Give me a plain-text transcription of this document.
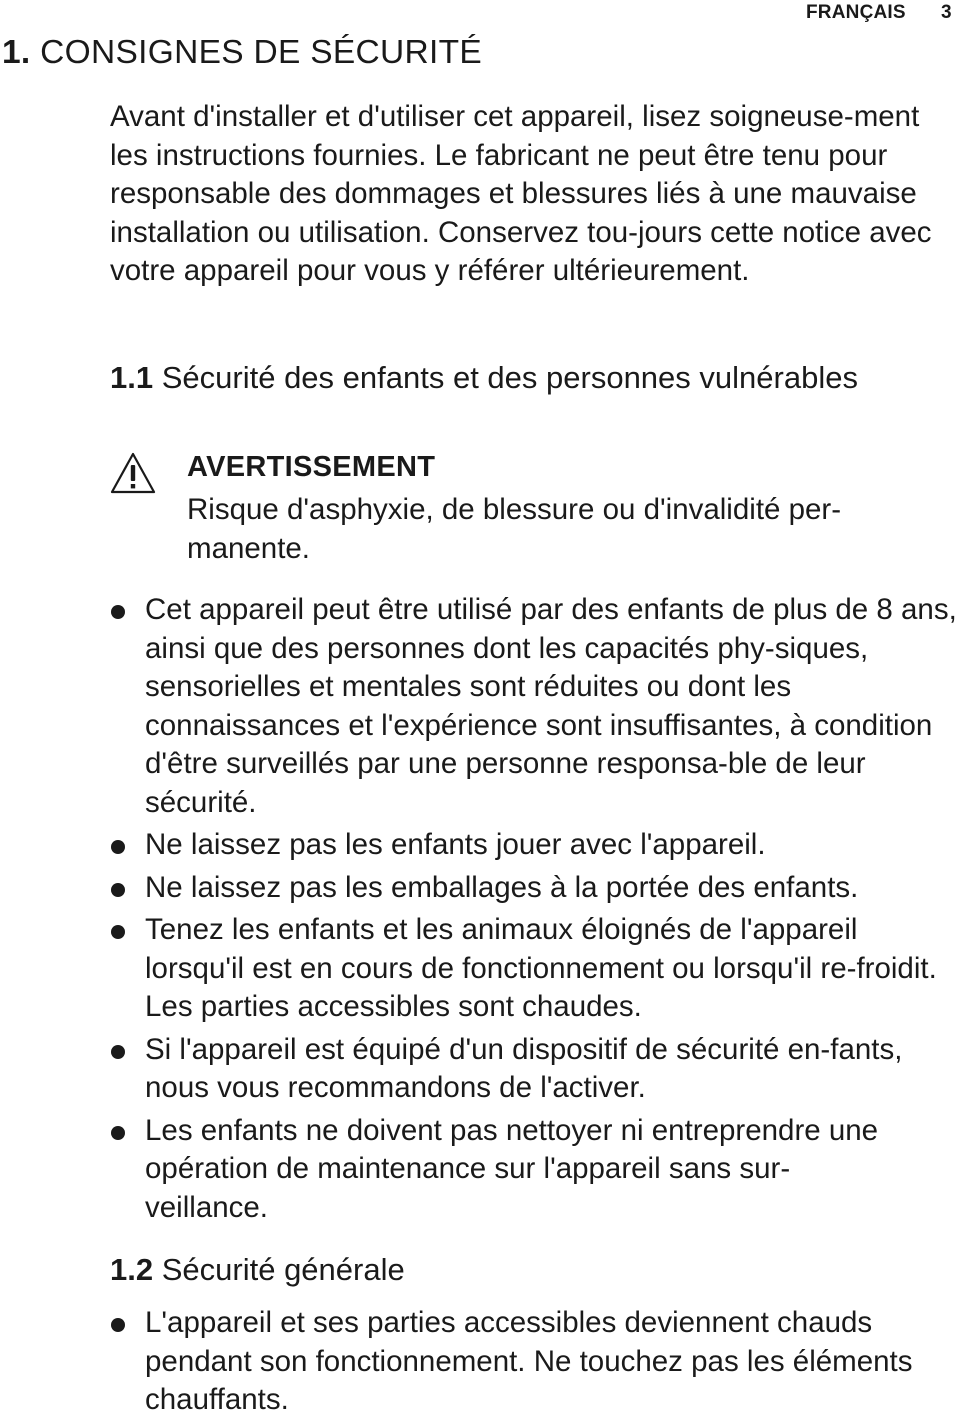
FRANÇAIS 3
1. CONSIGNES DE SÉCURITÉ

Avant d'installer et d'utiliser cet appareil, lisez soigneuse-ment les instructions fournies. Le fabricant ne peut être tenu pour responsable des dommages et blessures liés à une mauvaise installation ou utilisation. Conservez tou-jours cette notice avec votre appareil pour vous y référer ultérieurement.

1.1 Sécurité des enfants et des personnes vulnérables
AVERTISSEMENT

Risque d'asphyxie, de blessure ou d'invalidité per-manente.

Cet appareil peut être utilisé par des enfants de plus de 8 ans, ainsi que des personnes dont les capacités phy-siques, sensorielles et mentales sont réduites ou dont les connaissances et l'expérience sont insuffisantes, à condition d'être surveillés par une personne responsa-ble de leur sécurité.
Ne laissez pas les enfants jouer avec l'appareil.
Ne laissez pas les emballages à la portée des enfants.
Tenez les enfants et les animaux éloignés de l'appareil lorsqu'il est en cours de fonctionnement ou lorsqu'il re-froidit. Les parties accessibles sont chaudes.
Si l'appareil est équipé d'un dispositif de sécurité en-fants, nous vous recommandons de l'activer.
Les enfants ne doivent pas nettoyer ni entreprendre une opération de maintenance sur l'appareil sans sur-veillance.
1.2 Sécurité générale
L'appareil et ses parties accessibles deviennent chauds pendant son fonctionnement. Ne touchez pas les éléments chauffants.
